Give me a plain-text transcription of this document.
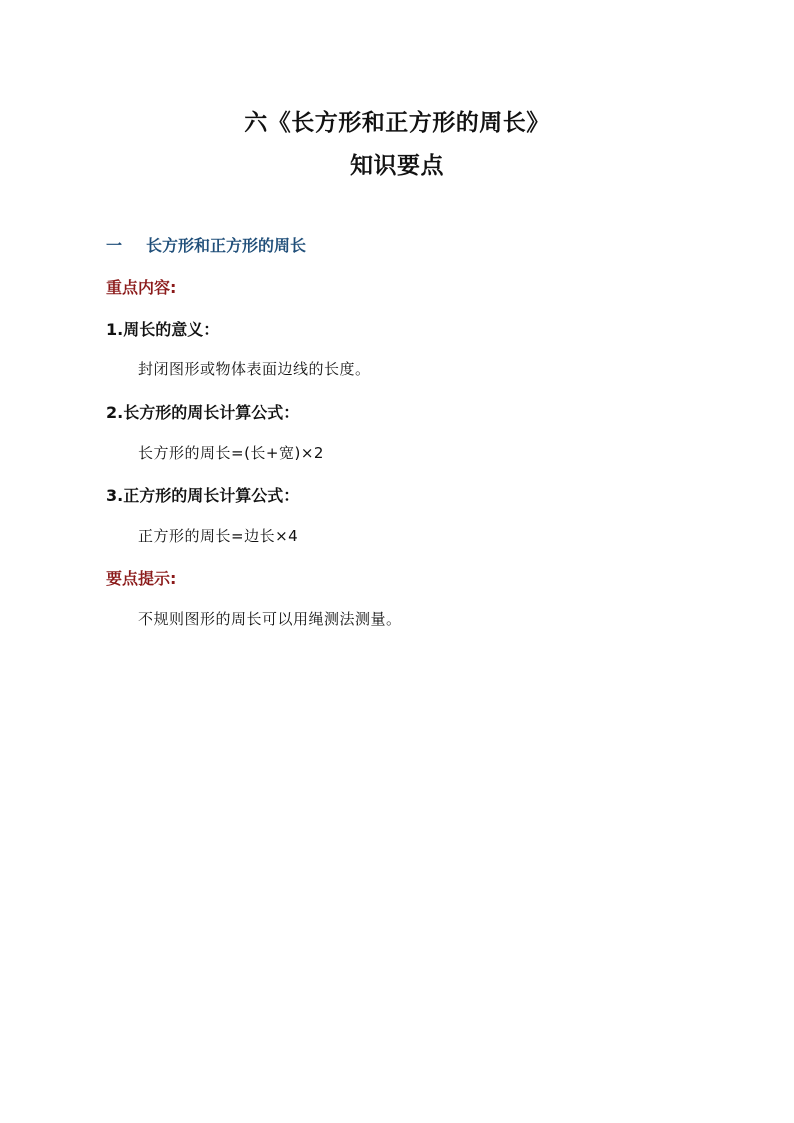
六《长方形和正方形的周长》
知识要点
一 长方形和正方形的周长
重点内容:
1.周长的意义：
封闭图形或物体表面边线的长度。
2.长方形的周长计算公式：
长方形的周长=(长+宽)×2
3.正方形的周长计算公式：
正方形的周长=边长×4
要点提示:
不规则图形的周长可以用绳测法测量。
